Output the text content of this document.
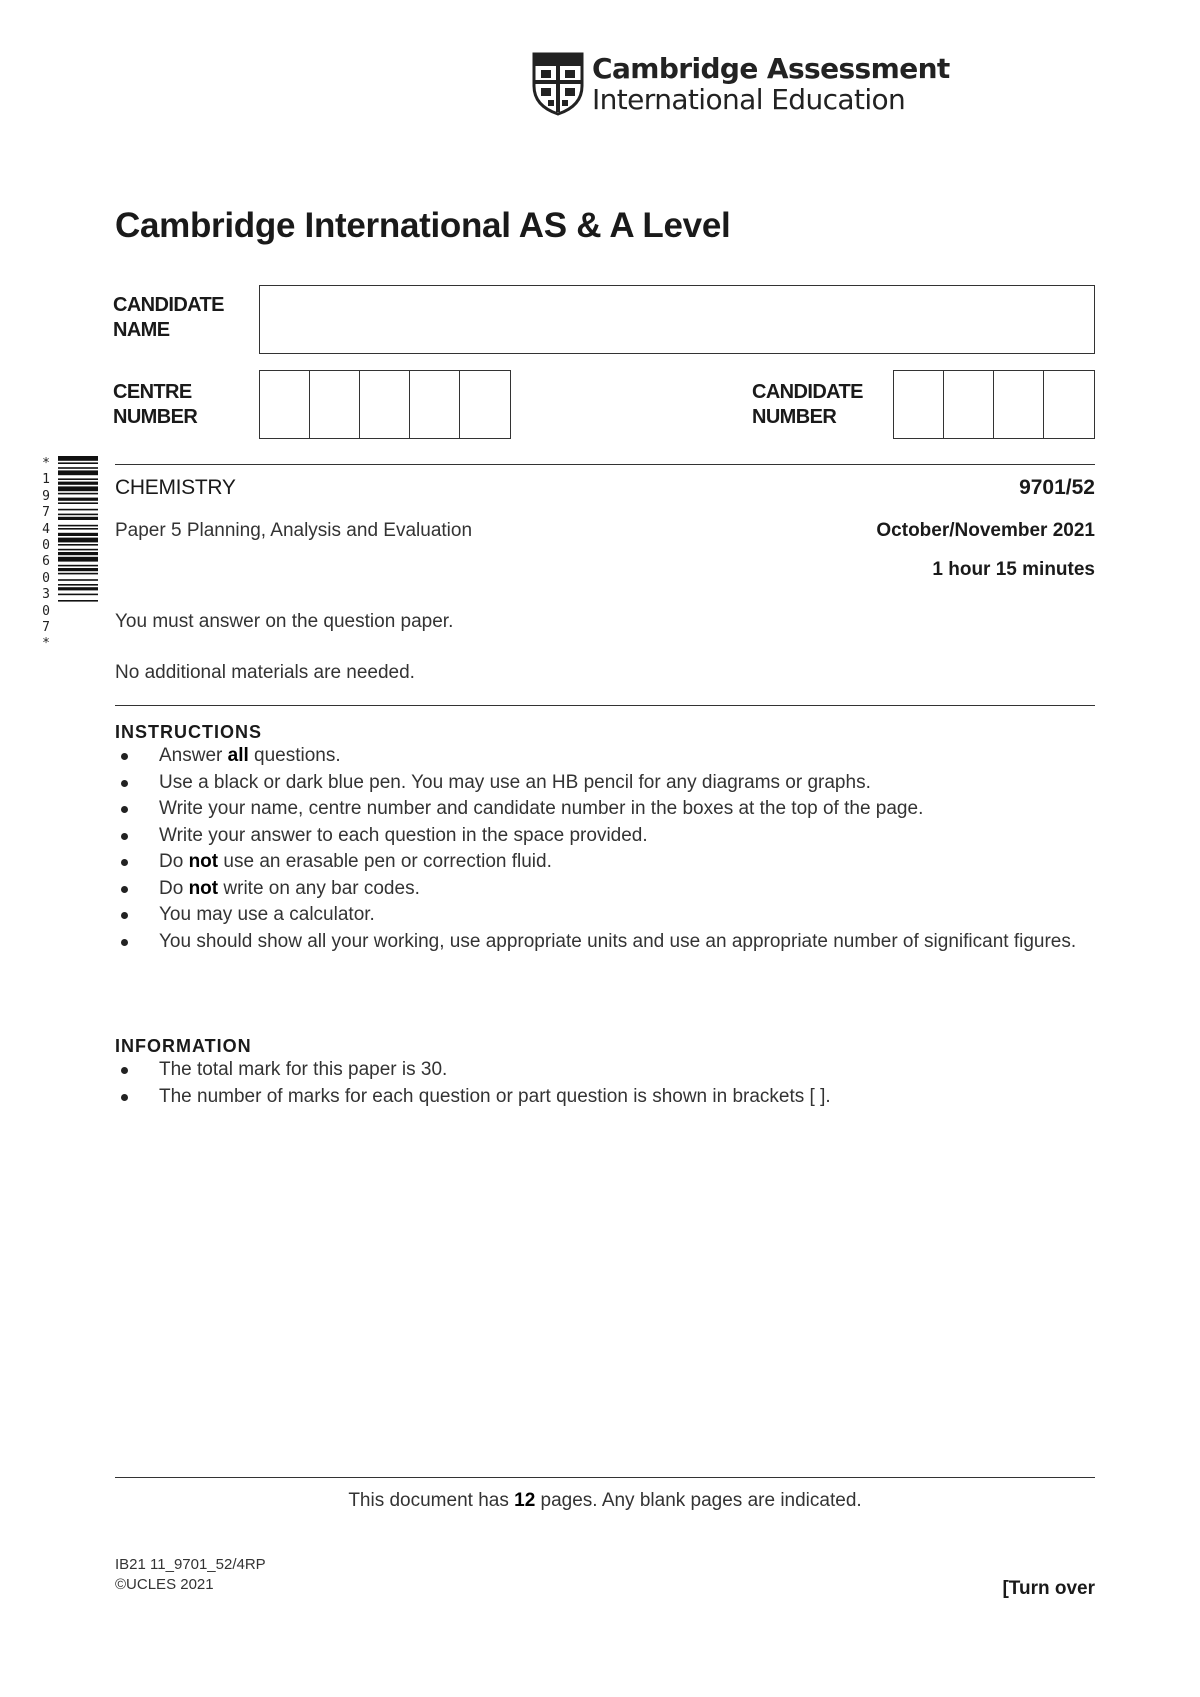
Cambridge Assessment
International Education
Cambridge International AS & A Level
CANDIDATE
NAME
CENTRE
NUMBER
CANDIDATE
NUMBER
*
1
9
7
4
0
6
0
3
0
7
*
CHEMISTRY	9701/52
Paper 5 Planning, Analysis and Evaluation	October/November 2021
1 hour 15 minutes
You must answer on the question paper.
No additional materials are needed.
INSTRUCTIONS
Answer all questions.
Use a black or dark blue pen. You may use an HB pencil for any diagrams or graphs.
Write your name, centre number and candidate number in the boxes at the top of the page.
Write your answer to each question in the space provided.
Do not use an erasable pen or correction fluid.
Do not write on any bar codes.
You may use a calculator.
You should show all your working, use appropriate units and use an appropriate number of significant figures.
INFORMATION
The total mark for this paper is 30.
The number of marks for each question or part question is shown in brackets [ ].
This document has 12 pages. Any blank pages are indicated.
IB21 11_9701_52/4RP
©UCLES 2021	[Turn over
